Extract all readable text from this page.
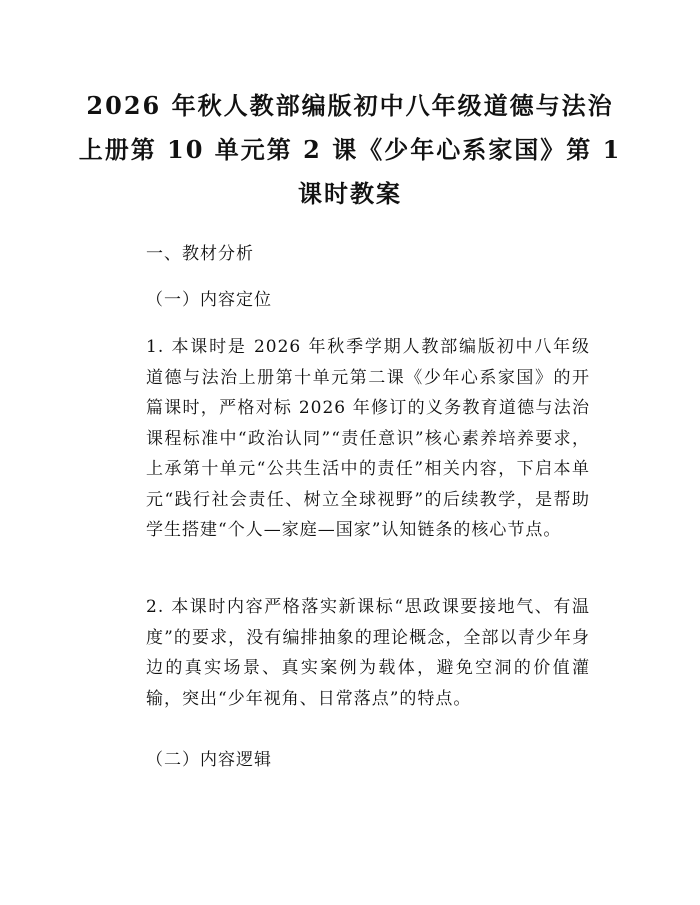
2026 年秋人教部编版初中八年级道德与法治
上册第 10 单元第 2 课《少年心系家国》第 1
课时教案
一、教材分析
（一）内容定位
1. 本课时是 2026 年秋季学期人教部编版初中八年级道德与法治上册第十单元第二课《少年心系家国》的开篇课时，严格对标 2026 年修订的义务教育道德与法治课程标准中“政治认同”“责任意识”核心素养培养要求，上承第十单元“公共生活中的责任”相关内容，下启本单元“践行社会责任、树立全球视野”的后续教学，是帮助学生搭建“个人—家庭—国家”认知链条的核心节点。
2. 本课时内容严格落实新课标“思政课要接地气、有温度”的要求，没有编排抽象的理论概念，全部以青少年身边的真实场景、真实案例为载体，避免空洞的价值灌输，突出“少年视角、日常落点”的特点。
（二）内容逻辑
